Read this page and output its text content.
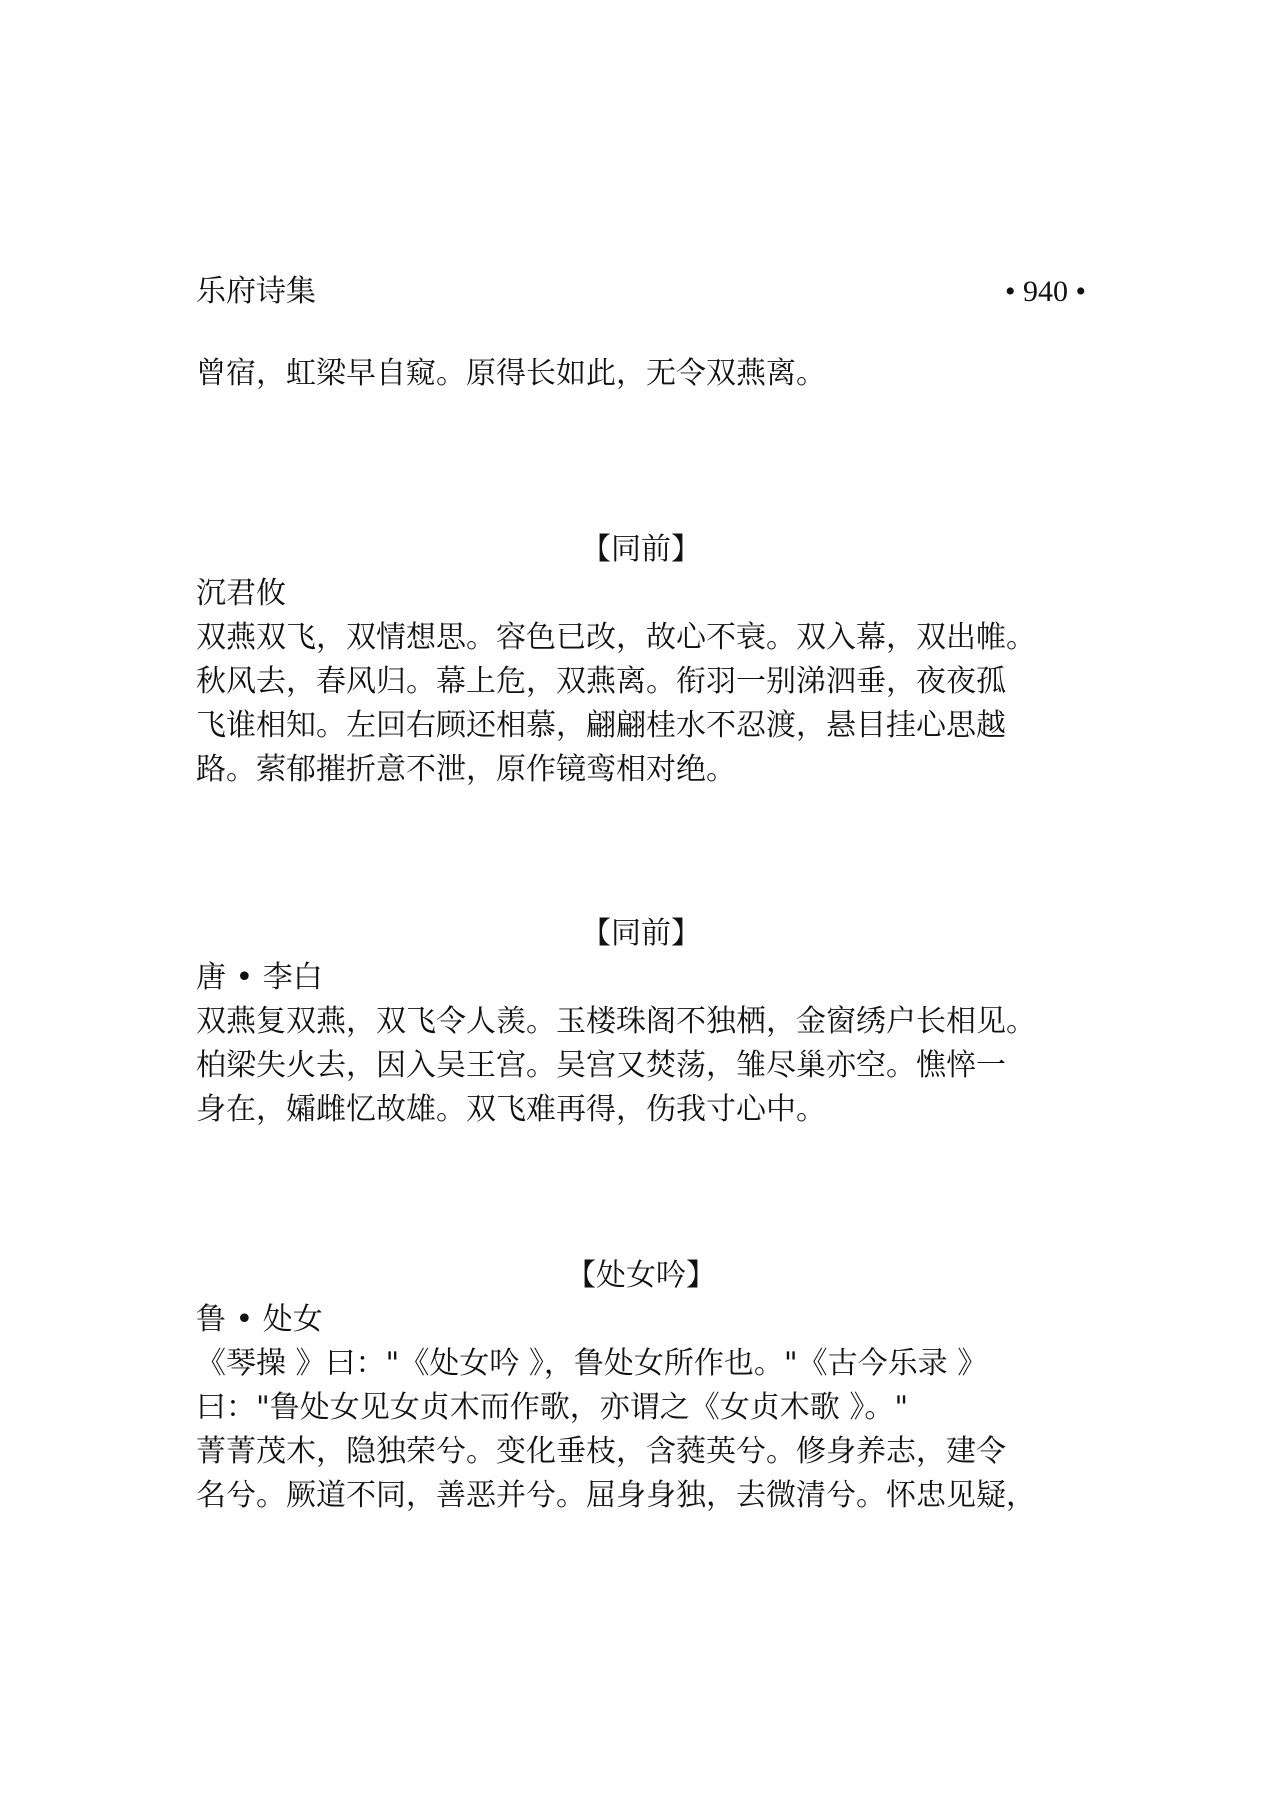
乐府诗集	• 940 •
曾宿，虹梁早自窥。原得长如此，无令双燕离。
【同前】
沉君攸
双燕双飞，双情想思。容色已改，故心不衰。双入幕，双出帷。
秋风去，春风归。幕上危，双燕离。衔羽一别涕泗垂，夜夜孤
飞谁相知。左回右顾还相慕，翩翩桂水不忍渡，悬目挂心思越
路。萦郁摧折意不泄，原作镜鸾相对绝。
【同前】
唐 • 李白
双燕复双燕，双飞令人羡。玉楼珠阁不独栖，金窗绣户长相见。
柏梁失火去，因入吴王宫。吴宫又焚荡，雏尽巢亦空。憔悴一
身在，孀雌忆故雄。双飞难再得，伤我寸心中。
【处女吟】
鲁 • 处女
《琴操 》曰："《处女吟 》，鲁处女所作也。"《古今乐录 》
曰："鲁处女见女贞木而作歌，亦谓之《女贞木歌 》。"
菁菁茂木，隐独荣兮。变化垂枝，含蕤英兮。修身养志，建令
名兮。厥道不同，善恶并兮。屈身身独，去微清兮。怀忠见疑，
